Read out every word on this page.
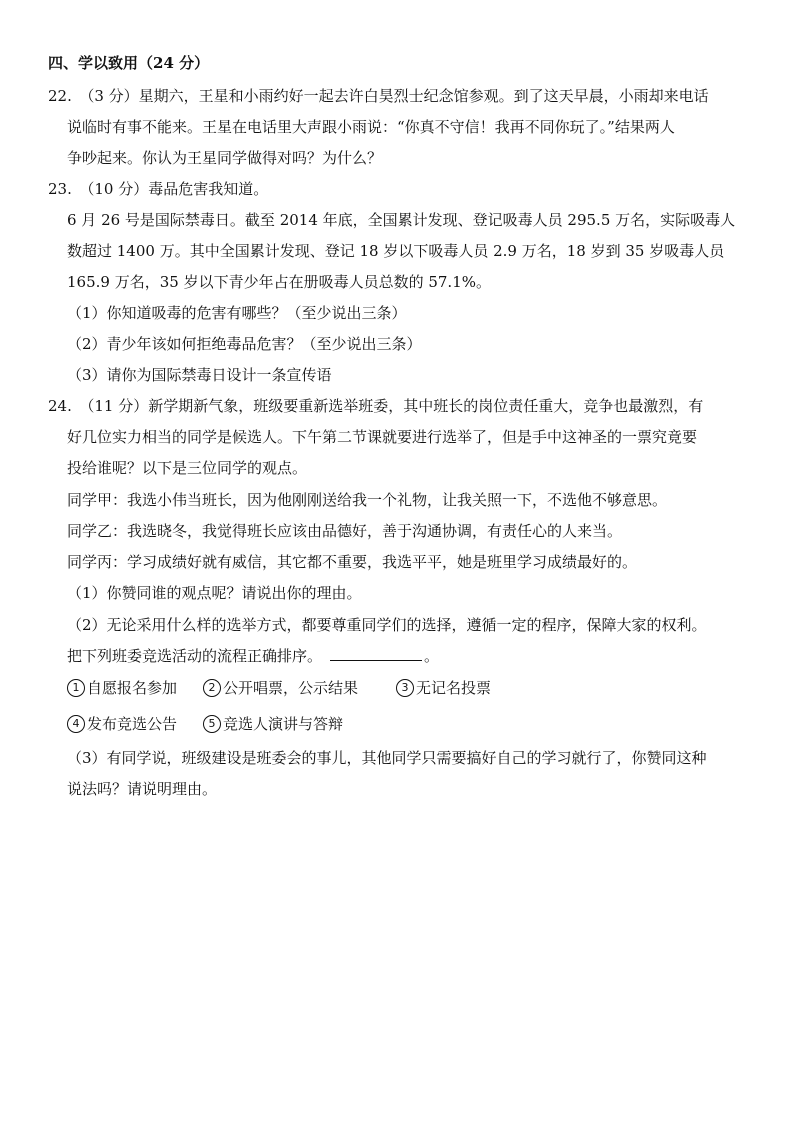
四、学以致用（24 分）
22.　（3 分）星期六，王星和小雨约好一起去许白昊烈士纪念馆参观。到了这天早晨，小雨却来电话
说临时有事不能来。王星在电话里大声跟小雨说：“你真不守信！我再不同你玩了。”结果两人
争吵起来。你认为王星同学做得对吗？为什么？
23.　（10 分）毒品危害我知道。
6 月 26 号是国际禁毒日。截至 2014 年底，全国累计发现、登记吸毒人员 295.5 万名，实际吸毒人
数超过 1400 万。其中全国累计发现、登记 18 岁以下吸毒人员 2.9 万名，18 岁到 35 岁吸毒人员
165.9 万名，35 岁以下青少年占在册吸毒人员总数的 57.1%。
（1）你知道吸毒的危害有哪些？（至少说出三条）
（2）青少年该如何拒绝毒品危害？（至少说出三条）
（3）请你为国际禁毒日设计一条宣传语
24.　（11 分）新学期新气象，班级要重新选举班委，其中班长的岗位责任重大，竞争也最激烈，有
好几位实力相当的同学是候选人。下午第二节课就要进行选举了，但是手中这神圣的一票究竟要
投给谁呢？以下是三位同学的观点。
同学甲：我选小伟当班长，因为他刚刚送给我一个礼物，让我关照一下，不选他不够意思。
同学乙：我选晓冬，我觉得班长应该由品德好，善于沟通协调，有责任心的人来当。
同学丙：学习成绩好就有威信，其它都不重要，我选平平，她是班里学习成绩最好的。
（1）你赞同谁的观点呢？请说出你的理由。
（2）无论采用什么样的选举方式，都要尊重同学们的选择，遵循一定的程序，保障大家的权利。
把下列班委竞选活动的流程正确排序。	。
1 自愿报名参加	2 公开唱票，公示结果	3 无记名投票
4 发布竞选公告	5 竞选人演讲与答辩
（3）有同学说，班级建设是班委会的事儿，其他同学只需要搞好自己的学习就行了，你赞同这种
说法吗？请说明理由。
